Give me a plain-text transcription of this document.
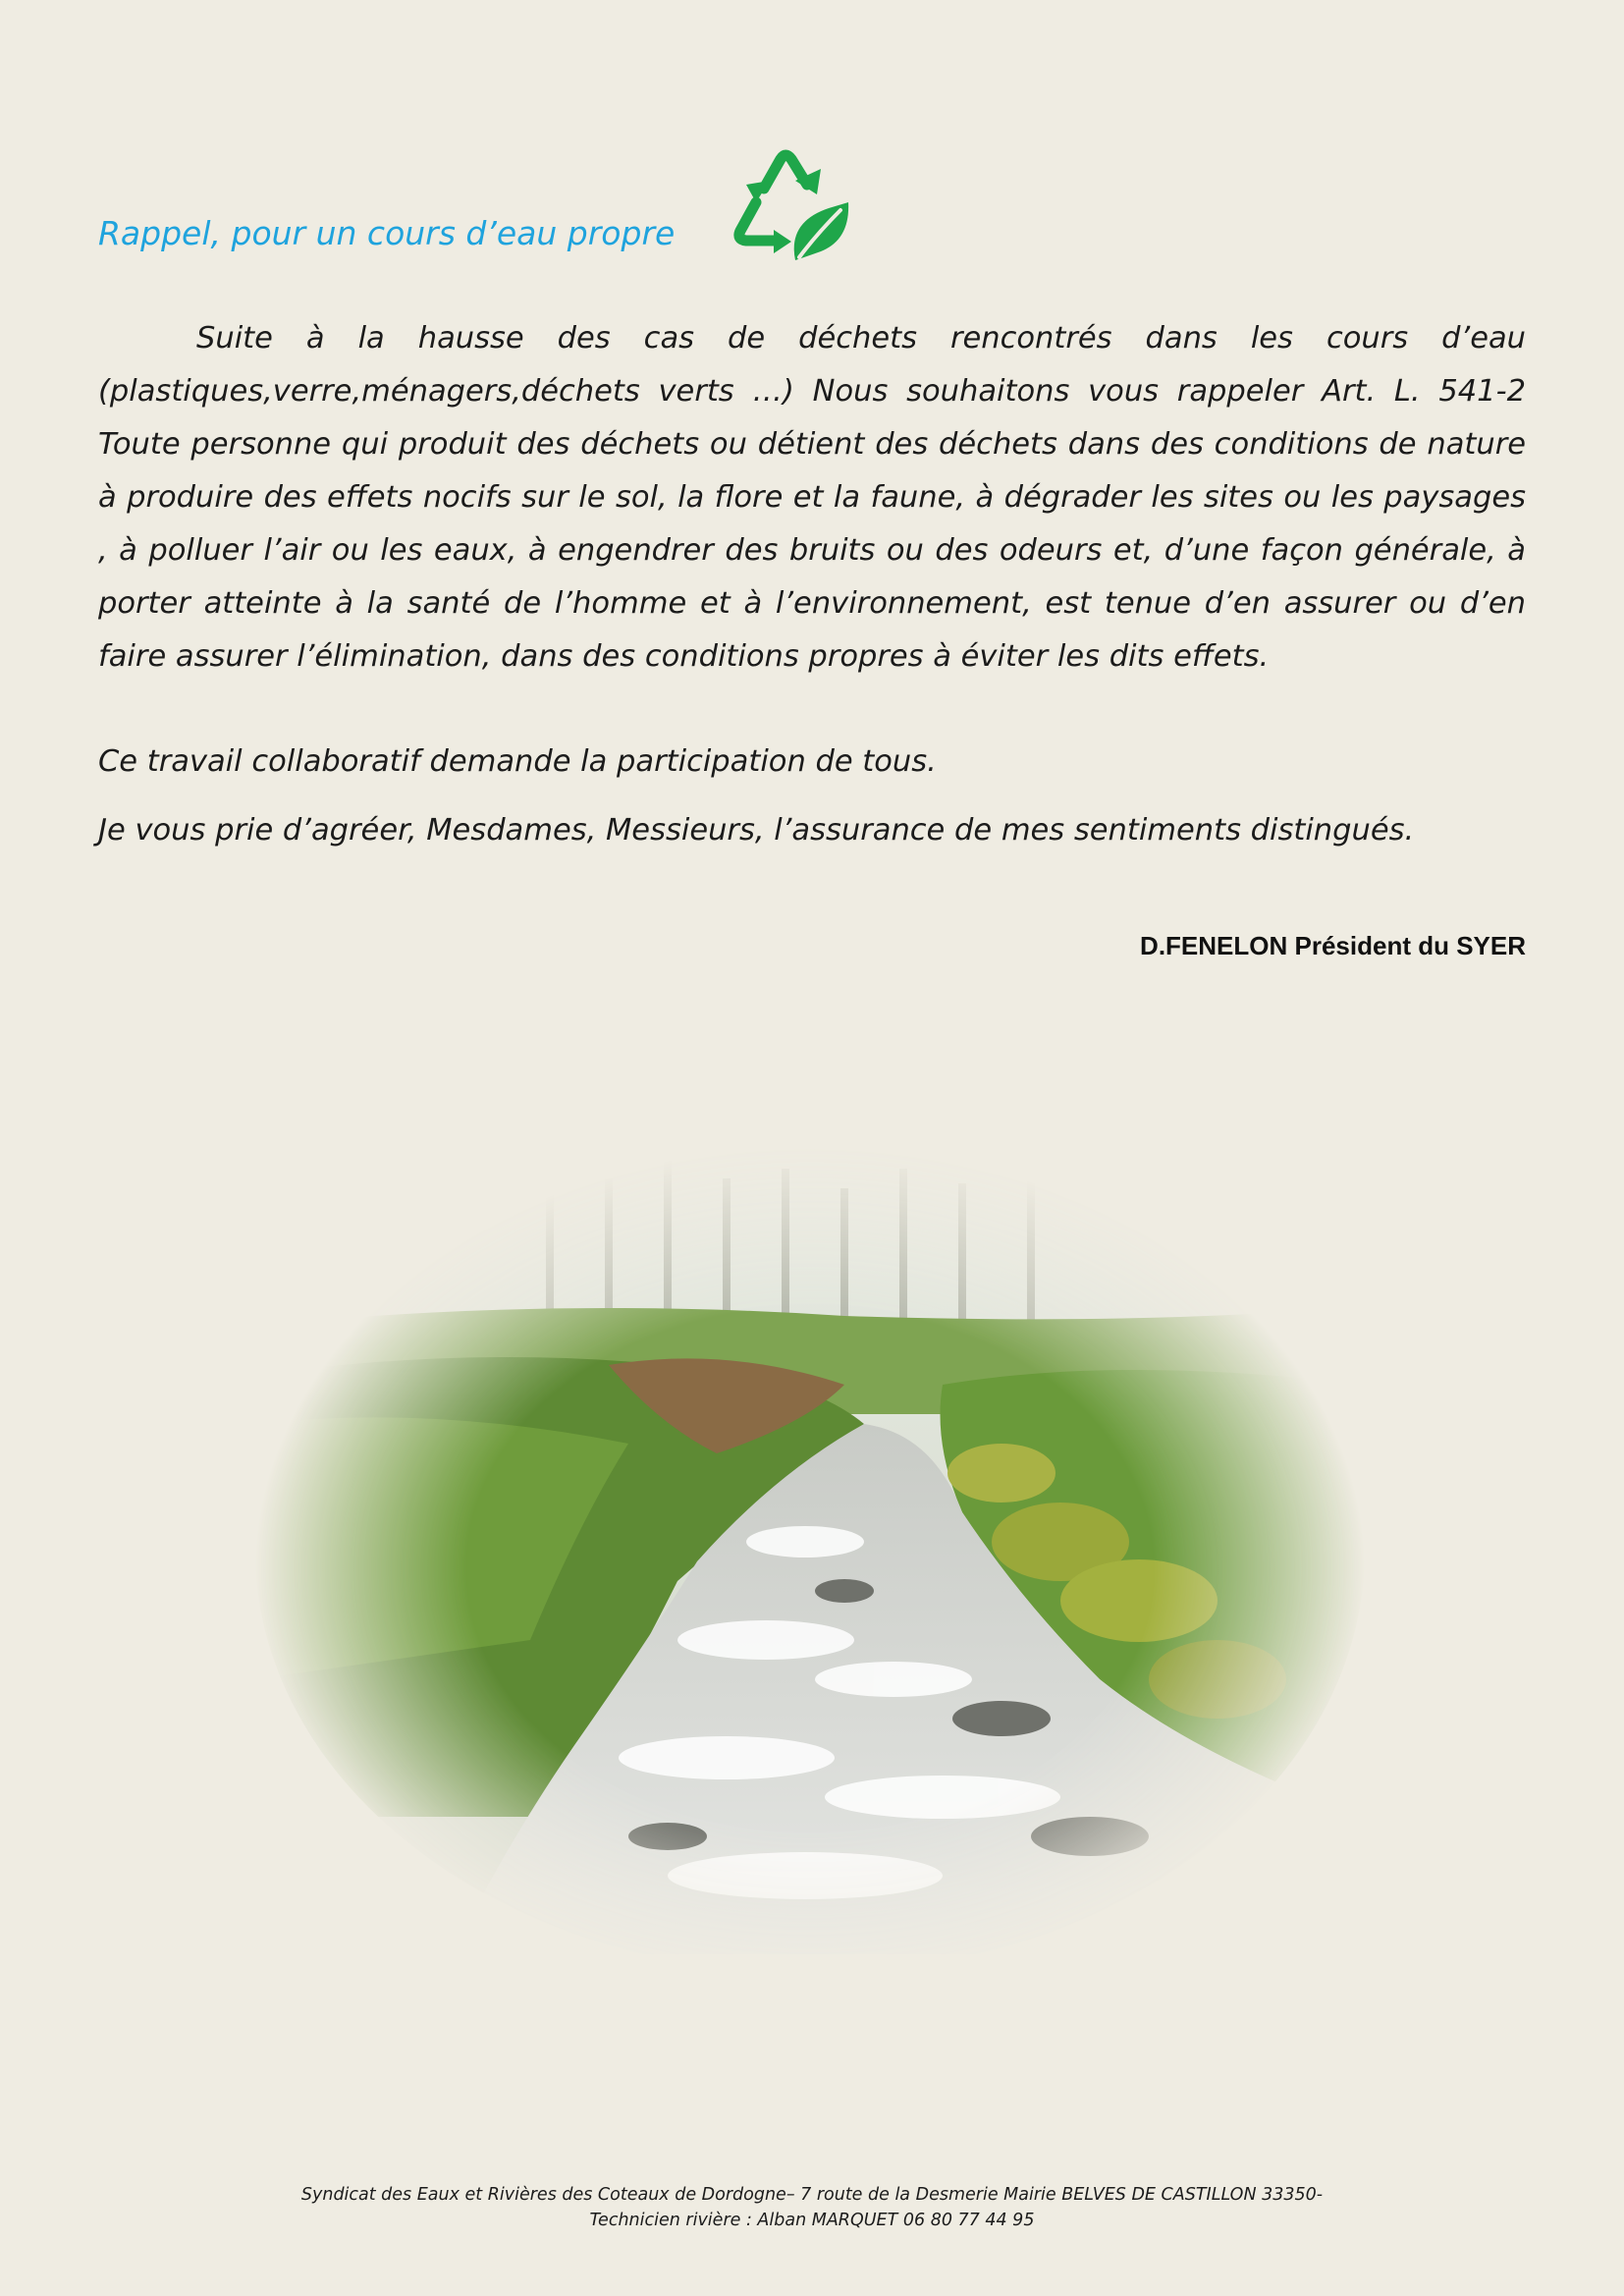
Rappel, pour un cours d’eau propre
Suite à la hausse des cas de déchets rencontrés dans les cours d’eau (plastiques,verre,ménagers,déchets verts …) Nous souhaitons vous rappeler Art. L. 541-2 Toute personne qui produit des déchets ou détient des déchets dans des conditions de nature à produire des effets nocifs sur le sol, la flore et la faune, à dégrader les sites ou les paysages , à polluer l’air ou les eaux, à engendrer des bruits ou des odeurs et, d’une façon générale, à porter atteinte à la santé de l’homme et à l’environnement, est tenue d’en assurer ou d’en faire assurer l’élimination, dans des conditions propres à éviter les dits effets.
Ce travail collaboratif demande la participation de tous.
Je vous prie d’agréer, Mesdames, Messieurs, l’assurance de mes sentiments distingués.
D.FENELON Président du SYER
Syndicat des Eaux et Rivières des Coteaux de Dordogne– 7 route de la Desmerie Mairie BELVES DE CASTILLON 33350-
Technicien rivière : Alban MARQUET 06 80 77 44 95
